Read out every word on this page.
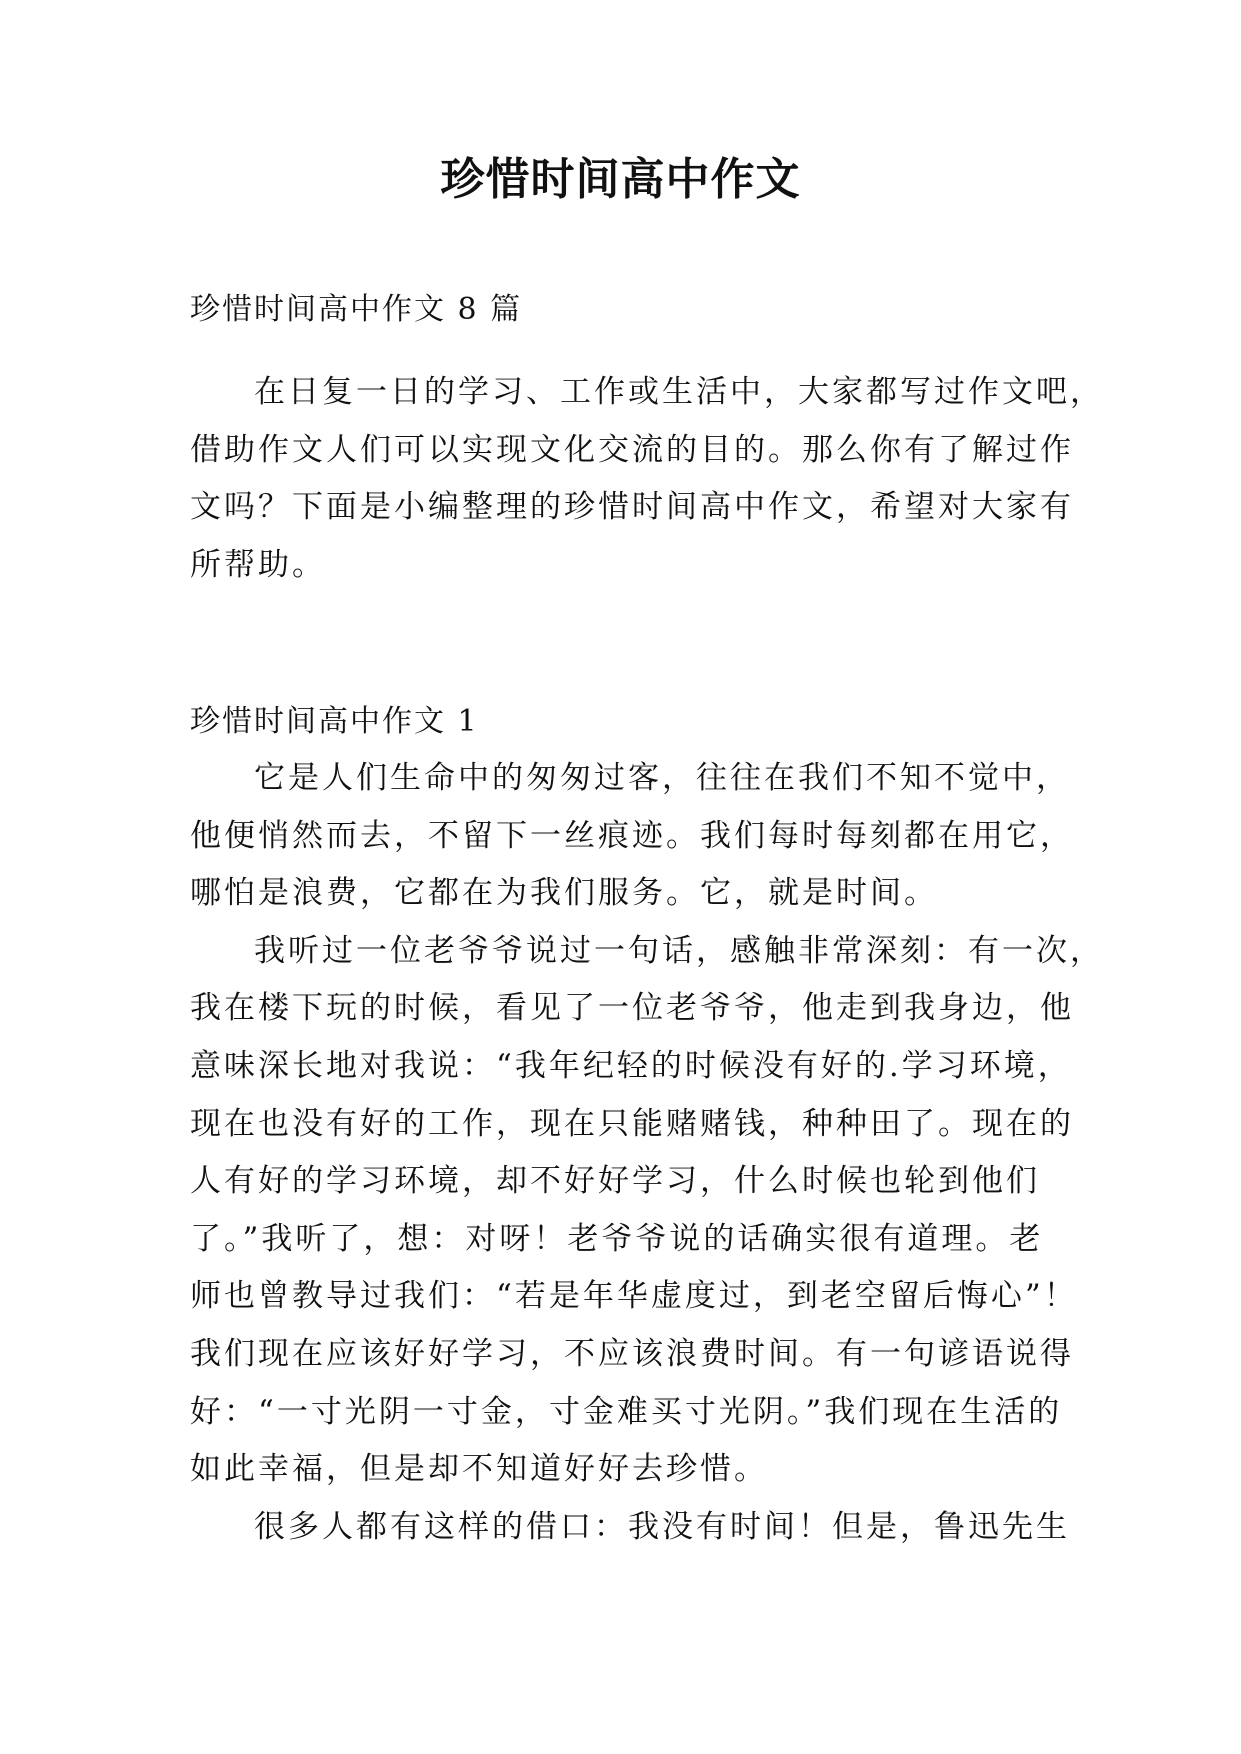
珍惜时间高中作文

珍惜时间高中作文 8 篇

在日复一日的学习、工作或生活中，大家都写过作文吧，
借助作文人们可以实现文化交流的目的。那么你有了解过作
文吗？下面是小编整理的珍惜时间高中作文，希望对大家有
所帮助。

珍惜时间高中作文 1

它是人们生命中的匆匆过客，往往在我们不知不觉中，
他便悄然而去，不留下一丝痕迹。我们每时每刻都在用它，
哪怕是浪费，它都在为我们服务。它，就是时间。
我听过一位老爷爷说过一句话，感触非常深刻：有一次，
我在楼下玩的时候，看见了一位老爷爷，他走到我身边，他
意味深长地对我说：“我年纪轻的时候没有好的.学习环境，
现在也没有好的工作，现在只能赌赌钱，种种田了。现在的
人有好的学习环境，却不好好学习，什么时候也轮到他们
了。”我听了，想：对呀！老爷爷说的话确实很有道理。老
师也曾教导过我们：“若是年华虚度过，到老空留后悔心”！
我们现在应该好好学习，不应该浪费时间。有一句谚语说得
好：“一寸光阴一寸金，寸金难买寸光阴。”我们现在生活的
如此幸福，但是却不知道好好去珍惜。
很多人都有这样的借口：我没有时间！但是，鲁迅先生
